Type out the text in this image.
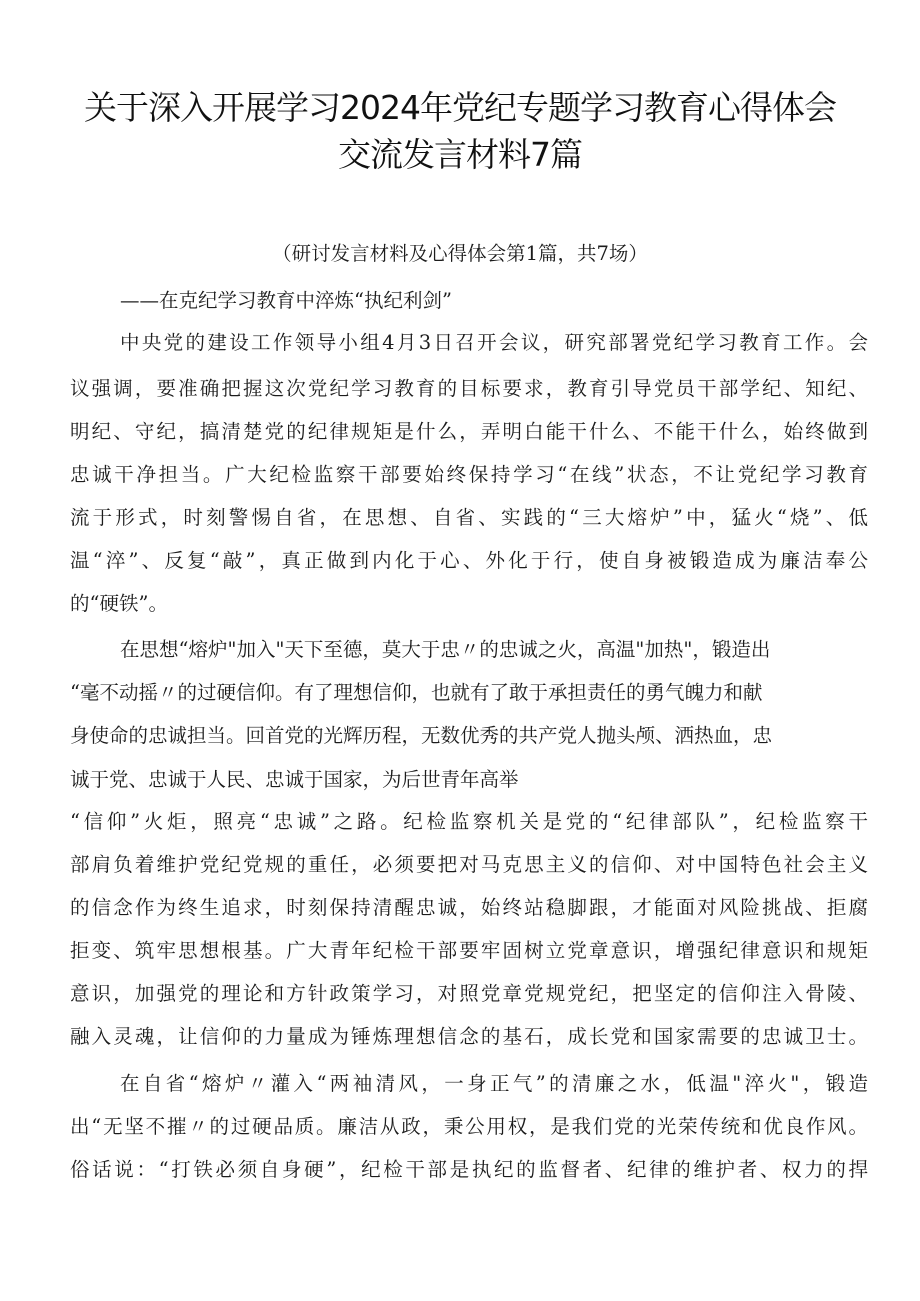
关于深入开展学习2024年党纪专题学习教育心得体会
交流发言材料7篇
（研讨发言材料及心得体会第1篇，共7场）
——在克纪学习教育中淬炼“执纪利剑”
中央党的建设工作领导小组4月3日召开会议，研究部署党纪学习教育工作。会
议强调，要准确把握这次党纪学习教育的目标要求，教育引导党员干部学纪、知纪、
明纪、守纪，搞清楚党的纪律规矩是什么，弄明白能干什么、不能干什么，始终做到
忠诚干净担当。广大纪检监察干部要始终保持学习“在线”状态，不让党纪学习教育
流于形式，时刻警惕自省，在思想、自省、实践的“三大熔炉”中，猛火“烧”、低
温“淬”、反复“敲”，真正做到内化于心、外化于行，使自身被锻造成为廉洁奉公
的“硬铁”。
在思想“熔炉"加入"天下至德，莫大于忠〃的忠诚之火，高温"加热"，锻造出
“毫不动摇〃的过硬信仰。有了理想信仰，也就有了敢于承担责任的勇气魄力和献
身使命的忠诚担当。回首党的光辉历程，无数优秀的共产党人抛头颅、洒热血，忠
诚于党、忠诚于人民、忠诚于国家，为后世青年高举
“信仰”火炬，照亮“忠诚”之路。纪检监察机关是党的“纪律部队”，纪检监察干
部肩负着维护党纪党规的重任，必须要把对马克思主义的信仰、对中国特色社会主义
的信念作为终生追求，时刻保持清醒忠诚，始终站稳脚跟，才能面对风险挑战、拒腐
拒变、筑牢思想根基。广大青年纪检干部要牢固树立党章意识，增强纪律意识和规矩
意识，加强党的理论和方针政策学习，对照党章党规党纪，把坚定的信仰注入骨陵、
融入灵魂，让信仰的力量成为锤炼理想信念的基石，成长党和国家需要的忠诚卫士。
在自省“熔炉〃灌入“两袖清风，一身正气”的清廉之水，低温"淬火"，锻造
出“无坚不摧〃的过硬品质。廉洁从政，秉公用权，是我们党的光荣传统和优良作风。
俗话说：“打铁必须自身硬”，纪检干部是执纪的监督者、纪律的维护者、权力的捍
